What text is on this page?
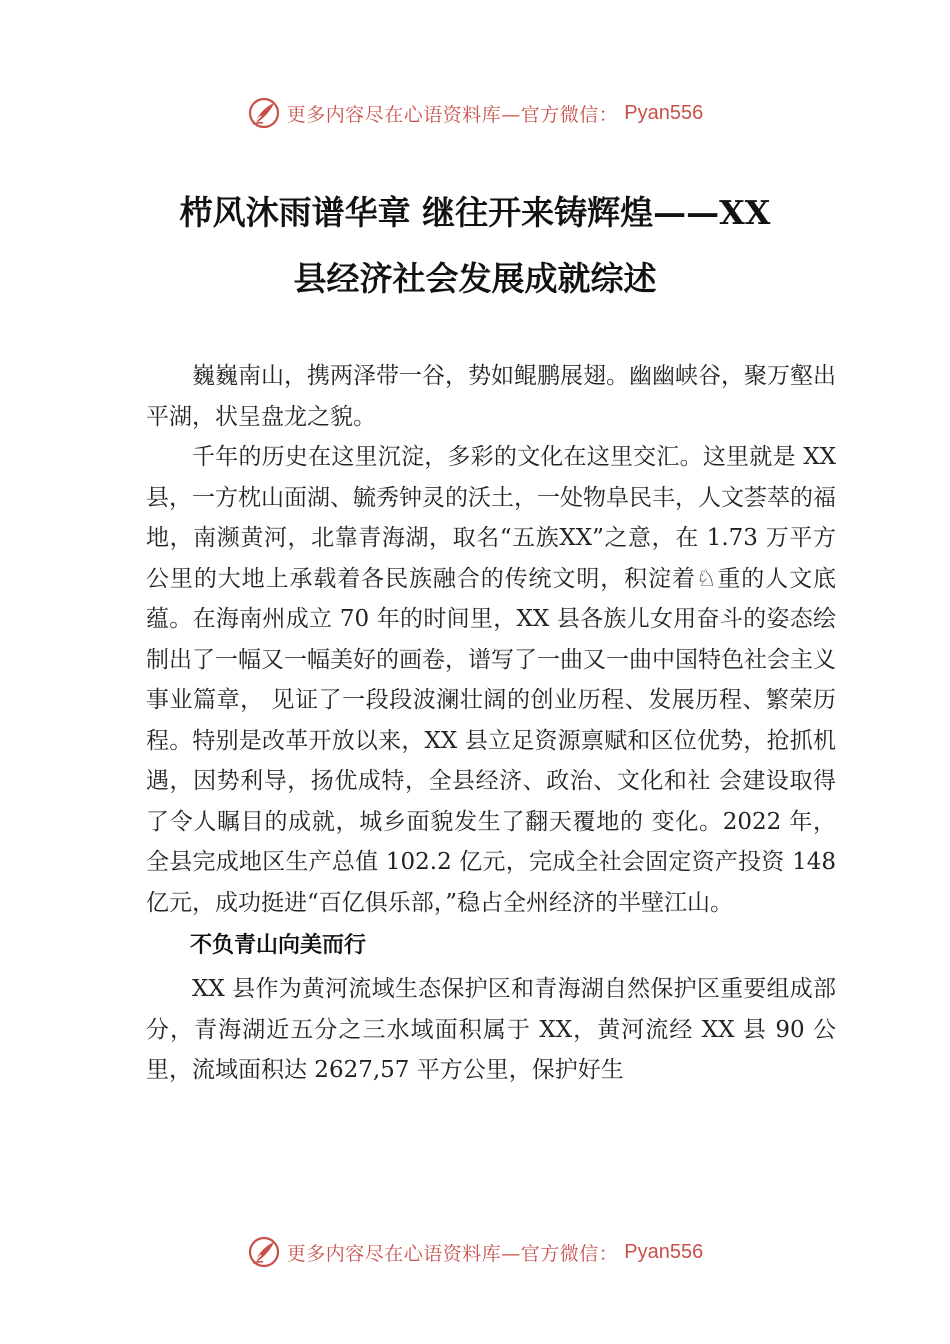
更多内容尽在心语资料库—官方微信： Pyan556
栉风沐雨谱华章 继往开来铸辉煌——XX
县经济社会发展成就综述

巍巍南山，携两泽带一谷，势如鲲鹏展翅。幽幽峡谷，聚万壑出平湖，状呈盘龙之貌。

千年的历史在这里沉淀，多彩的文化在这里交汇。这里就是 XX 县，一方枕山面湖、毓秀钟灵的沃土，一处物阜民丰，人文荟萃的福地，南濒黄河，北靠青海湖，取名“五族XX”之意，在 1.73 万平方公里的大地上承载着各民族融合的传统文明，积淀着♘重的人文底蕴。在海南州成立 70 年的时间里，XX 县各族儿女用奋斗的姿态绘制出了一幅又一幅美好的画卷，谱写了一曲又一曲中国特色社会主义事业篇章， 见证了一段段波澜壮阔的创业历程、发展历程、繁荣历程。特别是改革开放以来，XX 县立足资源禀赋和区位优势，抢抓机遇，因势利导，扬优成特，全县经济、政治、文化和社 会建设取得了令人瞩目的成就，城乡面貌发生了翻天覆地的 变化。2022 年，全县完成地区生产总值 102.2 亿元，完成全社会固定资产投资 148 亿元，成功挺进“百亿俱乐部，”稳占全州经济的半壁江山。

不负青山向美而行

XX 县作为黄河流域生态保护区和青海湖自然保护区重要组成部分，青海湖近五分之三水域面积属于 XX，黄河流经 XX 县 90 公里，流域面积达 2627,57 平方公里，保护好生

更多内容尽在心语资料库—官方微信： Pyan556
